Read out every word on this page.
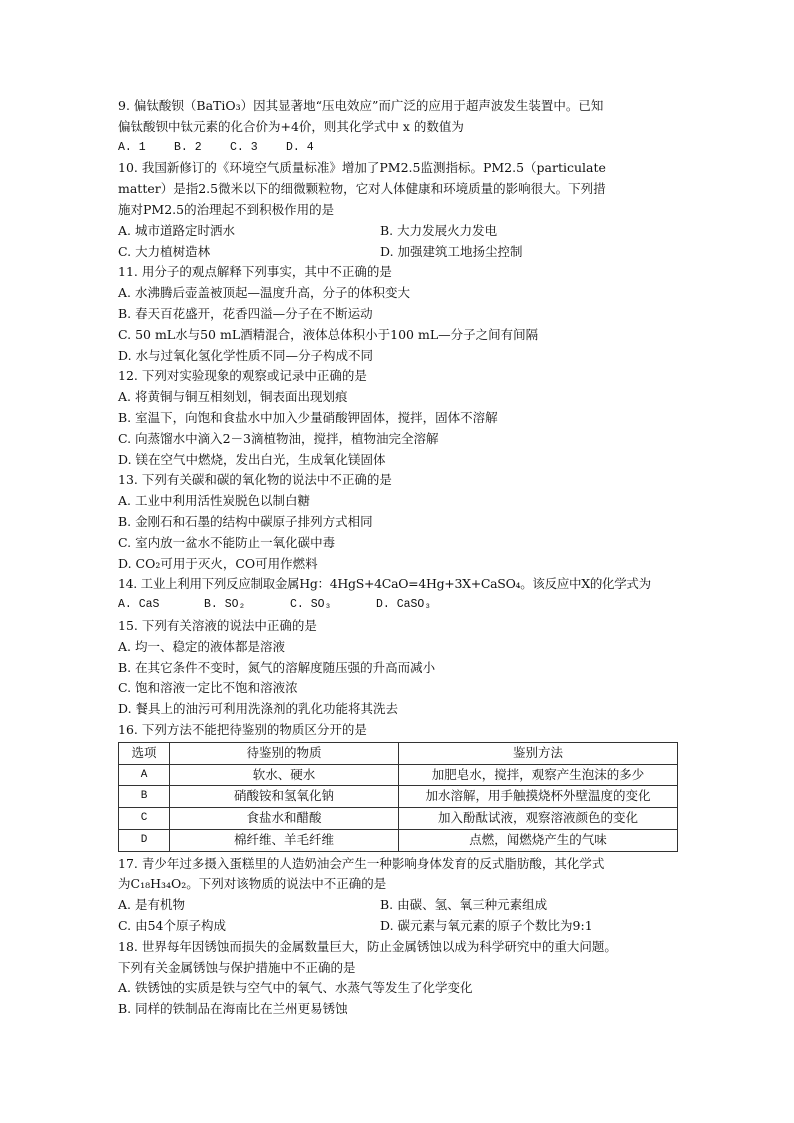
9. 偏钛酸钡（BaTiO₃）因其显著地“压电效应”而广泛的应用于超声波发生装置中。已知
偏钛酸钡中钛元素的化合价为+4价，则其化学式中 x 的数值为
A. 1	B. 2	C. 3	D. 4
10. 我国新修订的《环境空气质量标准》增加了PM2.5监测指标。PM2.5（particulate
matter）是指2.5微米以下的细微颗粒物，它对人体健康和环境质量的影响很大。下列措
施对PM2.5的治理起不到积极作用的是
A. 城市道路定时洒水	B. 大力发展火力发电
C. 大力植树造林	D. 加强建筑工地扬尘控制
11. 用分子的观点解释下列事实，其中不正确的是
A. 水沸腾后壶盖被顶起—温度升高，分子的体积变大
B. 春天百花盛开，花香四溢—分子在不断运动
C. 50 mL水与50 mL酒精混合，液体总体积小于100 mL—分子之间有间隔
D. 水与过氧化氢化学性质不同—分子构成不同
12. 下列对实验现象的观察或记录中正确的是
A. 将黄铜与铜互相刻划，铜表面出现划痕
B. 室温下，向饱和食盐水中加入少量硝酸钾固体，搅拌，固体不溶解
C. 向蒸馏水中滴入2－3滴植物油，搅拌，植物油完全溶解
D. 镁在空气中燃烧，发出白光，生成氧化镁固体
13. 下列有关碳和碳的氧化物的说法中不正确的是
A. 工业中利用活性炭脱色以制白糖
B. 金刚石和石墨的结构中碳原子排列方式相同
C. 室内放一盆水不能防止一氧化碳中毒
D. CO₂可用于灭火，CO可用作燃料
14. 工业上利用下列反应制取金属Hg：4HgS+4CaO=4Hg+3X+CaSO₄。该反应中X的化学式为
A. CaS	B. SO₂	C. SO₃	D. CaSO₃
15. 下列有关溶液的说法中正确的是
A. 均一、稳定的液体都是溶液
B. 在其它条件不变时，氮气的溶解度随压强的升高而减小
C. 饱和溶液一定比不饱和溶液浓
D. 餐具上的油污可利用洗涤剂的乳化功能将其洗去
16. 下列方法不能把待鉴别的物质区分开的是
选项	待鉴别的物质	鉴别方法
A	软水、硬水	加肥皂水，搅拌，观察产生泡沫的多少
B	硝酸铵和氢氧化钠	加水溶解，用手触摸烧杯外壁温度的变化
C	食盐水和醋酸	加入酚酞试液，观察溶液颜色的变化
D	棉纤维、羊毛纤维	点燃，闻燃烧产生的气味
17. 青少年过多摄入蛋糕里的人造奶油会产生一种影响身体发育的反式脂肪酸，其化学式
为C₁₈H₃₄O₂。下列对该物质的说法中不正确的是
A. 是有机物	B. 由碳、氢、氧三种元素组成
C. 由54个原子构成	D. 碳元素与氧元素的原子个数比为9:1
18. 世界每年因锈蚀而损失的金属数量巨大，防止金属锈蚀以成为科学研究中的重大问题。
下列有关金属锈蚀与保护措施中不正确的是
A. 铁锈蚀的实质是铁与空气中的氧气、水蒸气等发生了化学变化
B. 同样的铁制品在海南比在兰州更易锈蚀
